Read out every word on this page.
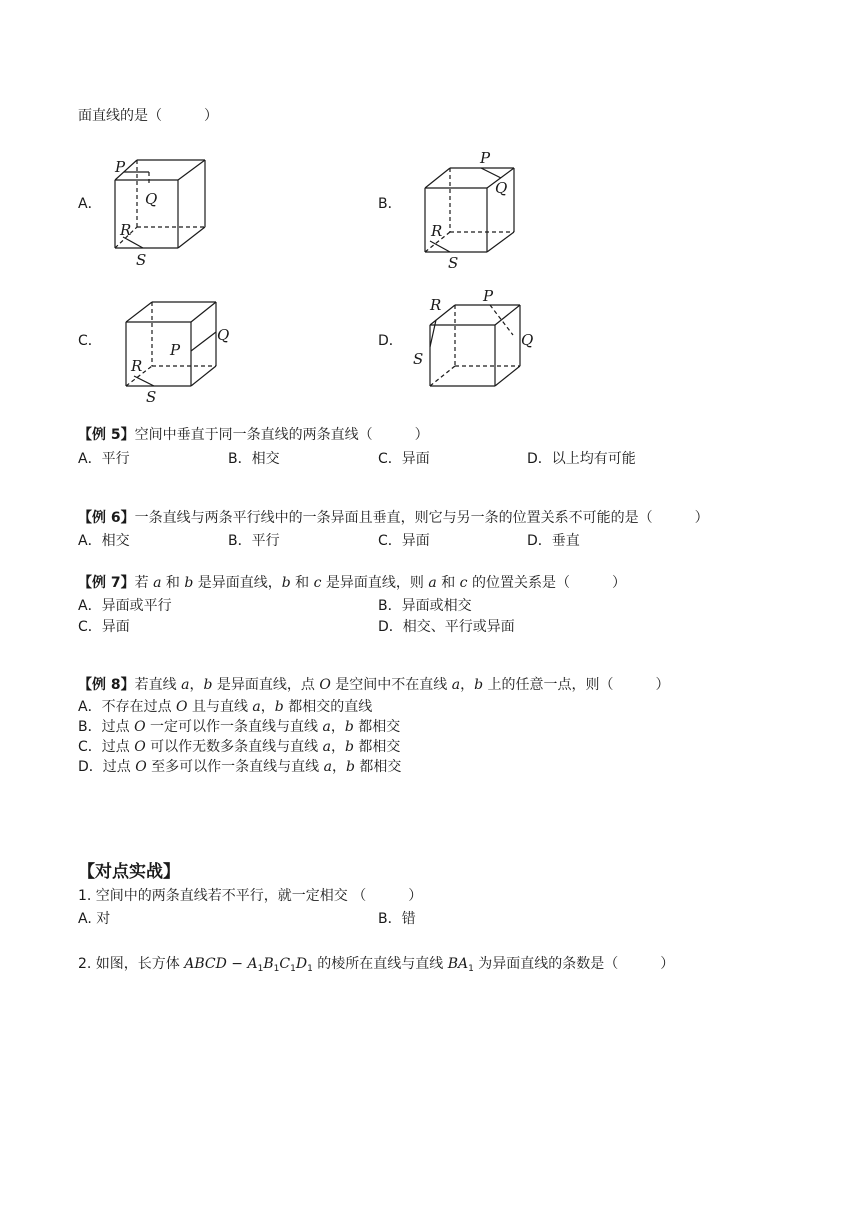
面直线的是（　　　）
A．
P
Q
R
S
B．
P
Q
R
S
C．	Q
P
R
S
D．
R	P
Q
S
【例 5】空间中垂直于同一条直线的两条直线（　　　）
A．平行	B．相交	C．异面	D．以上均有可能
【例 6】一条直线与两条平行线中的一条异面且垂直，则它与另一条的位置关系不可能的是（　　　）
A．相交	B．平行	C．异面	D．垂直
【例 7】若 a 和 b 是异面直线，b 和 c 是异面直线，则 a 和 c 的位置关系是（　　　）
A．异面或平行	B．异面或相交
C．异面	D．相交、平行或异面
【例 8】若直线 a，b 是异面直线，点 O 是空间中不在直线 a，b 上的任意一点，则（　　　）
A．不存在过点 O 且与直线 a，b 都相交的直线
B．过点 O 一定可以作一条直线与直线 a，b 都相交
C．过点 O 可以作无数多条直线与直线 a，b 都相交
D．过点 O 至多可以作一条直线与直线 a，b 都相交
【对点实战】
1. 空间中的两条直线若不平行，就一定相交 （　　　）
A. 对	B．错
2. 如图，长方体 ABCD − $A_1B_1C_1D_1$ 的棱所在直线与直线 $BA_1$ 为异面直线的条数是（　　　）
